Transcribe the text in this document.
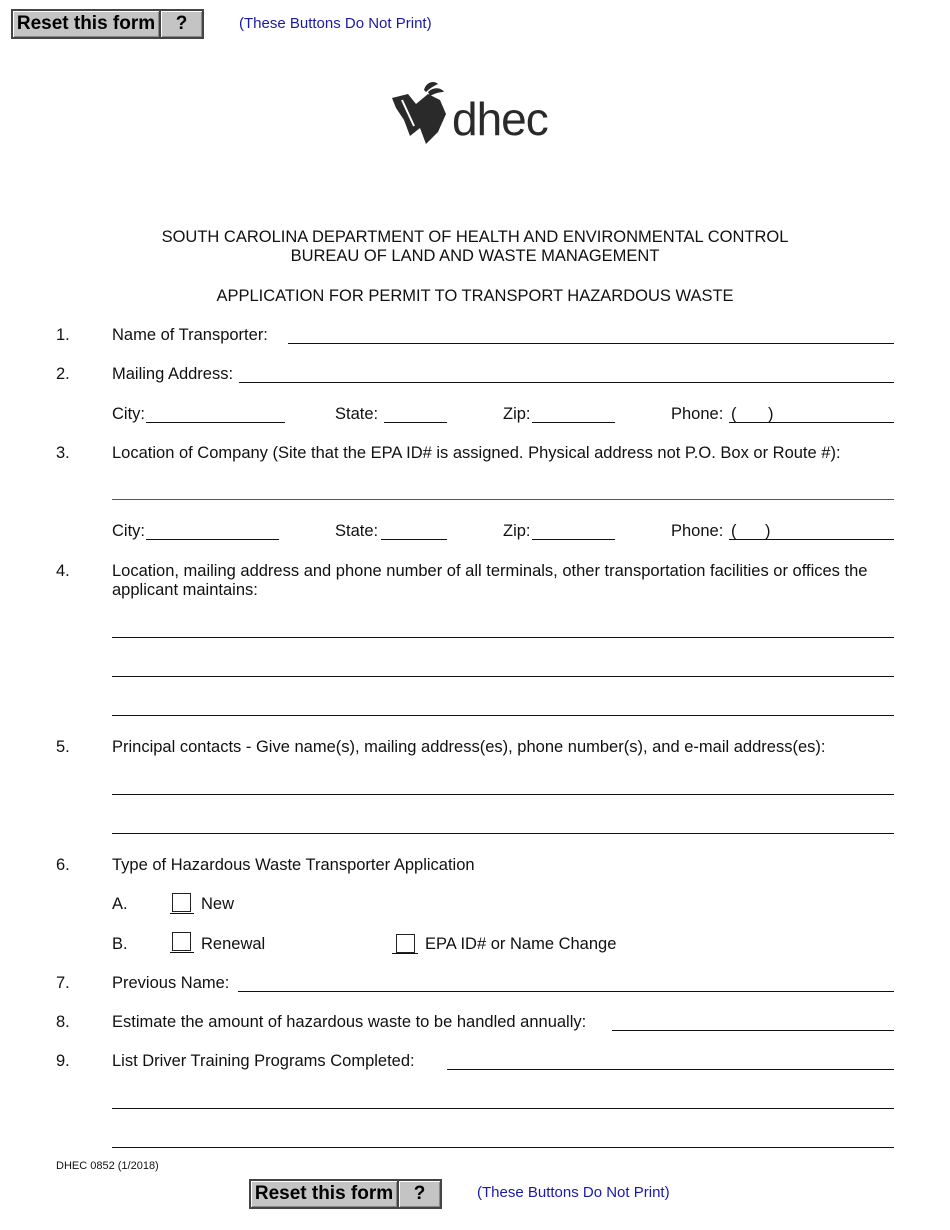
Reset this form	?	(These Buttons Do Not Print)
dhec
SOUTH CAROLINA DEPARTMENT OF HEALTH AND ENVIRONMENTAL CONTROL
BUREAU OF LAND AND WASTE MANAGEMENT
APPLICATION FOR PERMIT TO TRANSPORT HAZARDOUS WASTE
1.	Name of Transporter:
2.	Mailing Address:
City:	State:	Zip:	Phone: ( )
3.	Location of Company (Site that the EPA ID# is assigned. Physical address not P.O. Box or Route #):
City:	State:	Zip:	Phone: ( )
4.	Location, mailing address and phone number of all terminals, other transportation facilities or offices the
applicant maintains:
5.	Principal contacts - Give name(s), mailing address(es), phone number(s), and e-mail address(es):
6.	Type of Hazardous Waste Transporter Application
A.	New
B.	Renewal	EPA ID# or Name Change
7.	Previous Name:
8.	Estimate the amount of hazardous waste to be handled annually:
9.	List Driver Training Programs Completed:
DHEC 0852 (1/2018)
Reset this form	?	(These Buttons Do Not Print)
